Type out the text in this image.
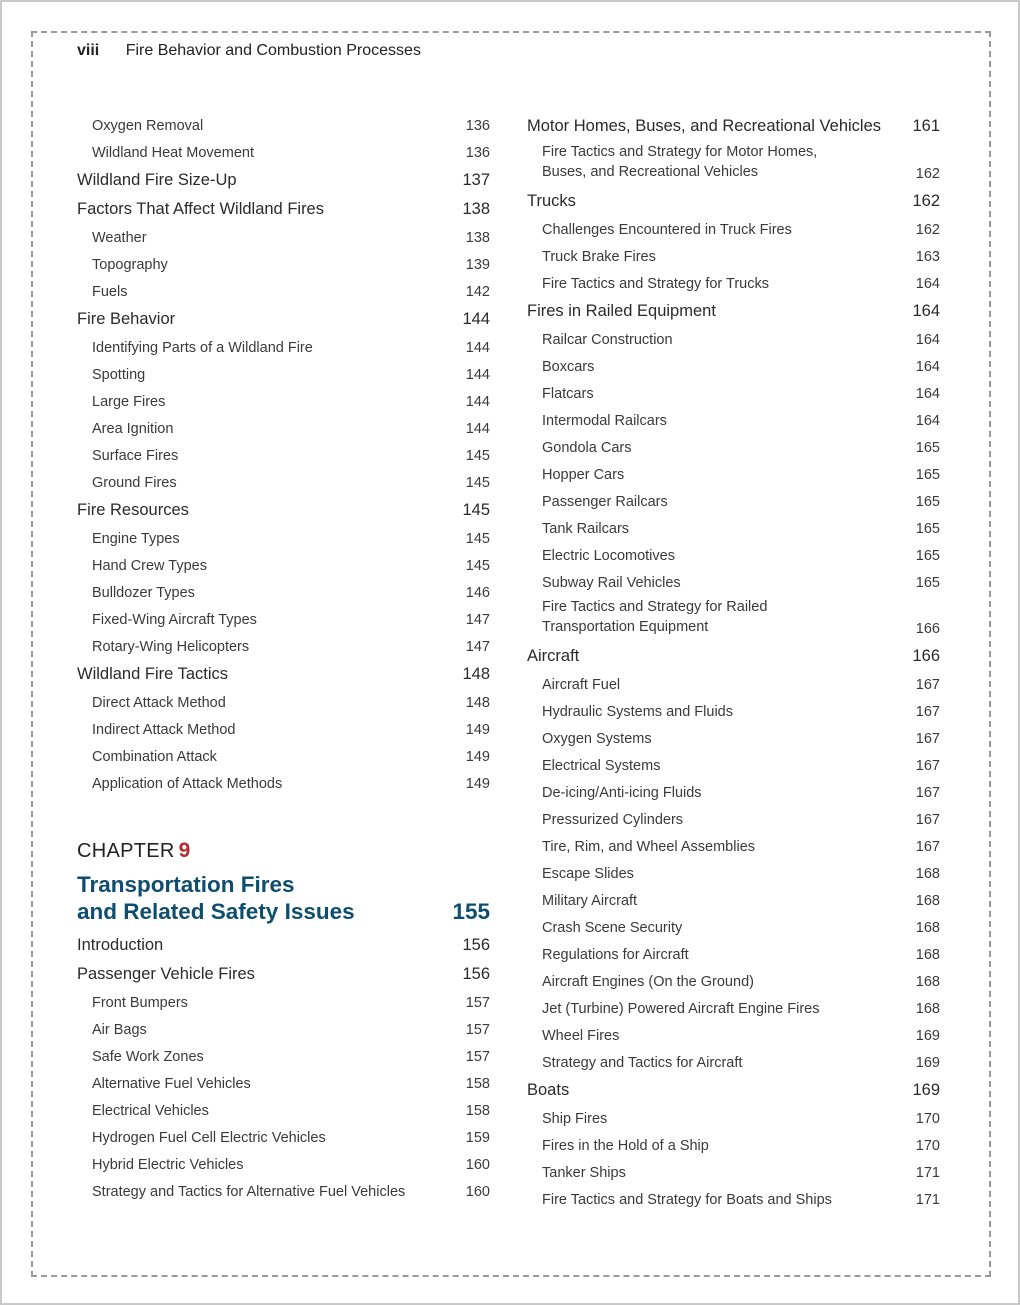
viii Fire Behavior and Combustion Processes
Oxygen Removal	136
Wildland Heat Movement	136
Wildland Fire Size-Up	137
Factors That Affect Wildland Fires	138
Weather	138
Topography	139
Fuels	142
Fire Behavior	144
Identifying Parts of a Wildland Fire	144
Spotting	144
Large Fires	144
Area Ignition	144
Surface Fires	145
Ground Fires	145
Fire Resources	145
Engine Types	145
Hand Crew Types	145
Bulldozer Types	146
Fixed-Wing Aircraft Types	147
Rotary-Wing Helicopters	147
Wildland Fire Tactics	148
Direct Attack Method	148
Indirect Attack Method	149
Combination Attack	149
Application of Attack Methods	149
CHAPTER 9
Transportation Fires
and Related Safety Issues	155
Introduction	156
Passenger Vehicle Fires	156
Front Bumpers	157
Air Bags	157
Safe Work Zones	157
Alternative Fuel Vehicles	158
Electrical Vehicles	158
Hydrogen Fuel Cell Electric Vehicles	159
Hybrid Electric Vehicles	160
Strategy and Tactics for Alternative Fuel Vehicles	160
Motor Homes, Buses, and Recreational Vehicles	161
Fire Tactics and Strategy for Motor Homes, Buses, and Recreational Vehicles	162
Trucks	162
Challenges Encountered in Truck Fires	162
Truck Brake Fires	163
Fire Tactics and Strategy for Trucks	164
Fires in Railed Equipment	164
Railcar Construction	164
Boxcars	164
Flatcars	164
Intermodal Railcars	164
Gondola Cars	165
Hopper Cars	165
Passenger Railcars	165
Tank Railcars	165
Electric Locomotives	165
Subway Rail Vehicles	165
Fire Tactics and Strategy for Railed Transportation Equipment	166
Aircraft	166
Aircraft Fuel	167
Hydraulic Systems and Fluids	167
Oxygen Systems	167
Electrical Systems	167
De-icing/Anti-icing Fluids	167
Pressurized Cylinders	167
Tire, Rim, and Wheel Assemblies	167
Escape Slides	168
Military Aircraft	168
Crash Scene Security	168
Regulations for Aircraft	168
Aircraft Engines (On the Ground)	168
Jet (Turbine) Powered Aircraft Engine Fires	168
Wheel Fires	169
Strategy and Tactics for Aircraft	169
Boats	169
Ship Fires	170
Fires in the Hold of a Ship	170
Tanker Ships	171
Fire Tactics and Strategy for Boats and Ships	171
